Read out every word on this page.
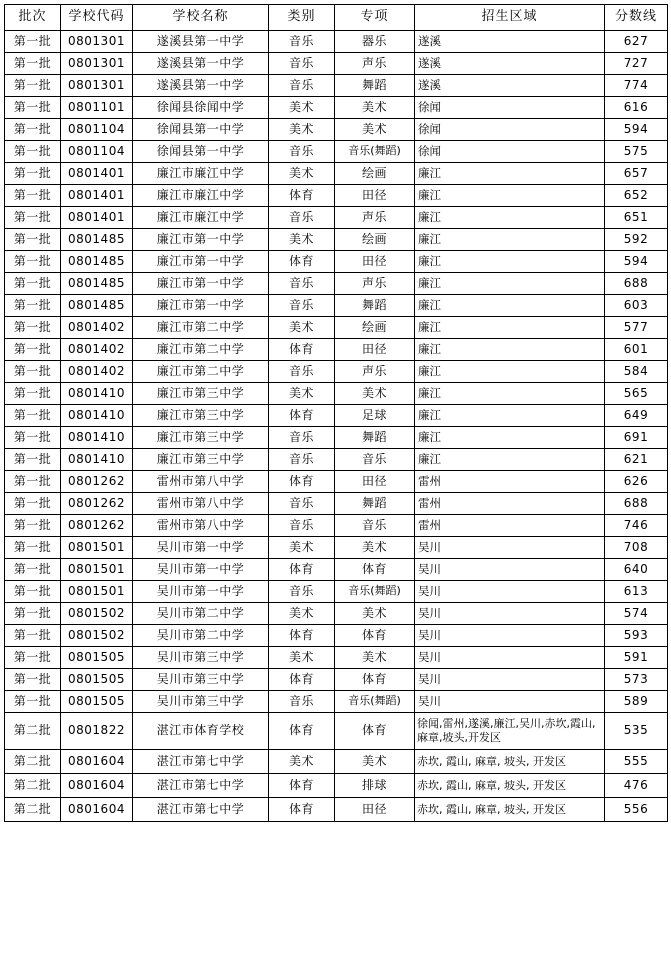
批次	学校代码	学校名称	类别	专项	招生区域	分数线
第一批	0801301	遂溪县第一中学	音乐	器乐	遂溪	627
第一批	0801301	遂溪县第一中学	音乐	声乐	遂溪	727
第一批	0801301	遂溪县第一中学	音乐	舞蹈	遂溪	774
第一批	0801101	徐闻县徐闻中学	美术	美术	徐闻	616
第一批	0801104	徐闻县第一中学	美术	美术	徐闻	594
第一批	0801104	徐闻县第一中学	音乐	音乐(舞蹈)	徐闻	575
第一批	0801401	廉江市廉江中学	美术	绘画	廉江	657
第一批	0801401	廉江市廉江中学	体育	田径	廉江	652
第一批	0801401	廉江市廉江中学	音乐	声乐	廉江	651
第一批	0801485	廉江市第一中学	美术	绘画	廉江	592
第一批	0801485	廉江市第一中学	体育	田径	廉江	594
第一批	0801485	廉江市第一中学	音乐	声乐	廉江	688
第一批	0801485	廉江市第一中学	音乐	舞蹈	廉江	603
第一批	0801402	廉江市第二中学	美术	绘画	廉江	577
第一批	0801402	廉江市第二中学	体育	田径	廉江	601
第一批	0801402	廉江市第二中学	音乐	声乐	廉江	584
第一批	0801410	廉江市第三中学	美术	美术	廉江	565
第一批	0801410	廉江市第三中学	体育	足球	廉江	649
第一批	0801410	廉江市第三中学	音乐	舞蹈	廉江	691
第一批	0801410	廉江市第三中学	音乐	音乐	廉江	621
第一批	0801262	雷州市第八中学	体育	田径	雷州	626
第一批	0801262	雷州市第八中学	音乐	舞蹈	雷州	688
第一批	0801262	雷州市第八中学	音乐	音乐	雷州	746
第一批	0801501	吴川市第一中学	美术	美术	吴川	708
第一批	0801501	吴川市第一中学	体育	体育	吴川	640
第一批	0801501	吴川市第一中学	音乐	音乐(舞蹈)	吴川	613
第一批	0801502	吴川市第二中学	美术	美术	吴川	574
第一批	0801502	吴川市第二中学	体育	体育	吴川	593
第一批	0801505	吴川市第三中学	美术	美术	吴川	591
第一批	0801505	吴川市第三中学	体育	体育	吴川	573
第一批	0801505	吴川市第三中学	音乐	音乐(舞蹈)	吴川	589
第二批	0801822	湛江市体育学校	体育	体育	徐闻,雷州,遂溪,廉江,吴川,赤坎,霞山,麻章,坡头,开发区	535
第二批	0801604	湛江市第七中学	美术	美术	赤坎, 霞山, 麻章, 坡头, 开发区	555
第二批	0801604	湛江市第七中学	体育	排球	赤坎, 霞山, 麻章, 坡头, 开发区	476
第二批	0801604	湛江市第七中学	体育	田径	赤坎, 霞山, 麻章, 坡头, 开发区	556
